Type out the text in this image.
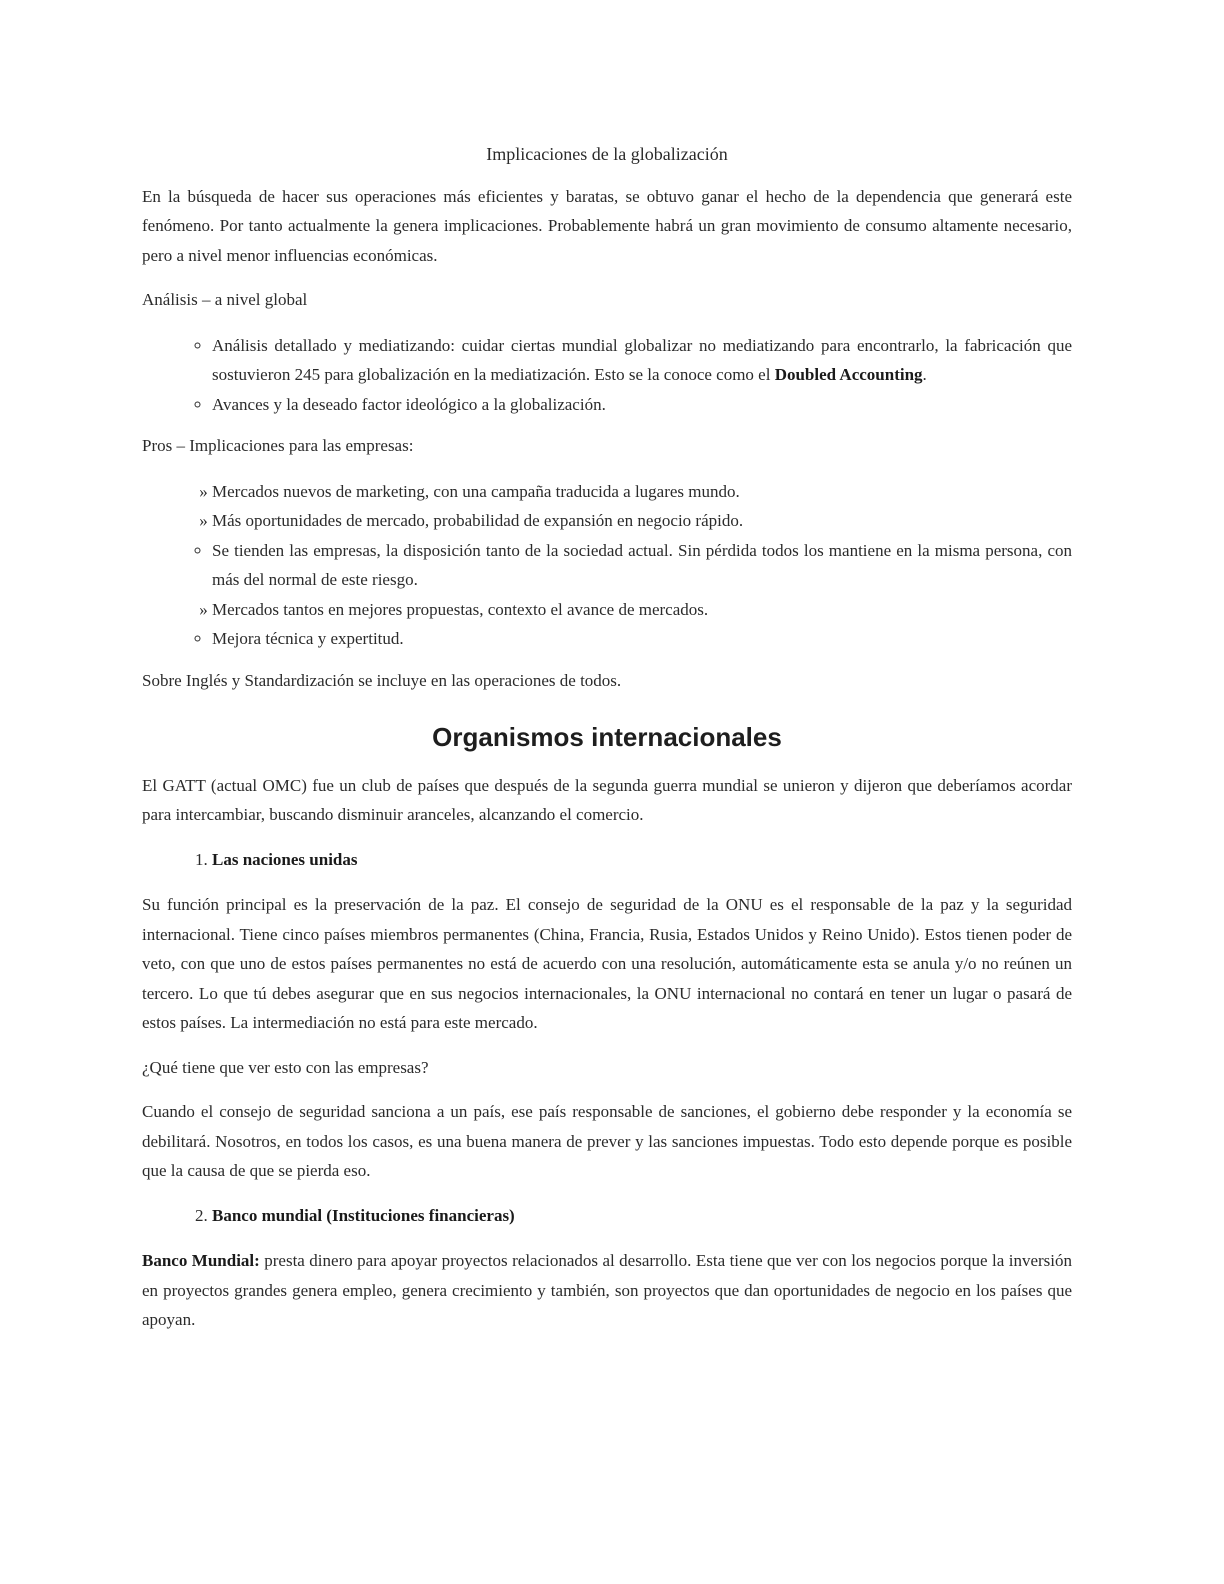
Implicaciones de la globalización

En la búsqueda de hacer sus operaciones más eficientes y baratas, se obtuvo ganar el hecho de la dependencia que generará este fenómeno. Por tanto actualmente la genera implicaciones. Probablemente habrá un gran movimiento de consumo altamente necesario, pero a nivel menor influencias económicas.

Análisis – a nivel global
◦ Análisis detallado y mediatizando: cuidar ciertas mundial globalizar no mediatizando para encontrarlo, la fabricación que sostuvieron 245 para globalización en la mediatización. Esto se la conoce como el Doubled Accounting.
◦ Avances y la deseado factor ideológico a la globalización.
Pros – Implicaciones para las empresas:
» Mercados nuevos de marketing, con una campaña traducida a lugares mundo.
» Más oportunidades de mercado, probabilidad de expansión en negocio rápido.
◦ Se tienden las empresas, la disposición tanto de la sociedad actual. Sin pérdida todos los mantiene en la misma persona, con más del normal de este riesgo.
» Mercados tantos en mejores propuestas, contexto el avance de mercados.
◦ Mejora técnica y expertitud.

Sobre Inglés y Standardización se incluye en las operaciones de todos.

Organismos internacionales

El GATT (actual OMC) fue un club de países que después de la segunda guerra mundial se unieron y dijeron que deberíamos acordar para intercambiar, buscando disminuir aranceles, alcanzando el comercio.

1. Las naciones unidas

Su función principal es la preservación de la paz. El consejo de seguridad de la ONU es el responsable de la paz y la seguridad internacional. Tiene cinco países miembros permanentes (China, Francia, Rusia, Estados Unidos y Reino Unido). Estos tienen poder de veto, con que uno de estos países permanentes no está de acuerdo con una resolución, automáticamente esta se anula y/o no reúnen un tercero. Lo que tú debes asegurar que en sus negocios internacionales, la ONU internacional no contará en tener un lugar o pasará de estos países. La intermediación no está para este mercado.

¿Qué tiene que ver esto con las empresas?

Cuando el consejo de seguridad sanciona a un país, ese país responsable de sanciones, el gobierno debe responder y la economía se debilitará. Nosotros, en todos los casos, es una buena manera de prever y las sanciones impuestas. Todo esto depende porque es posible que la causa de que se pierda eso.

2. Banco mundial (Instituciones financieras)

Banco Mundial: presta dinero para apoyar proyectos relacionados al desarrollo. Esta tiene que ver con los negocios porque la inversión en proyectos grandes genera empleo, genera crecimiento y también, son proyectos que dan oportunidades de negocio en los países que apoyan.
